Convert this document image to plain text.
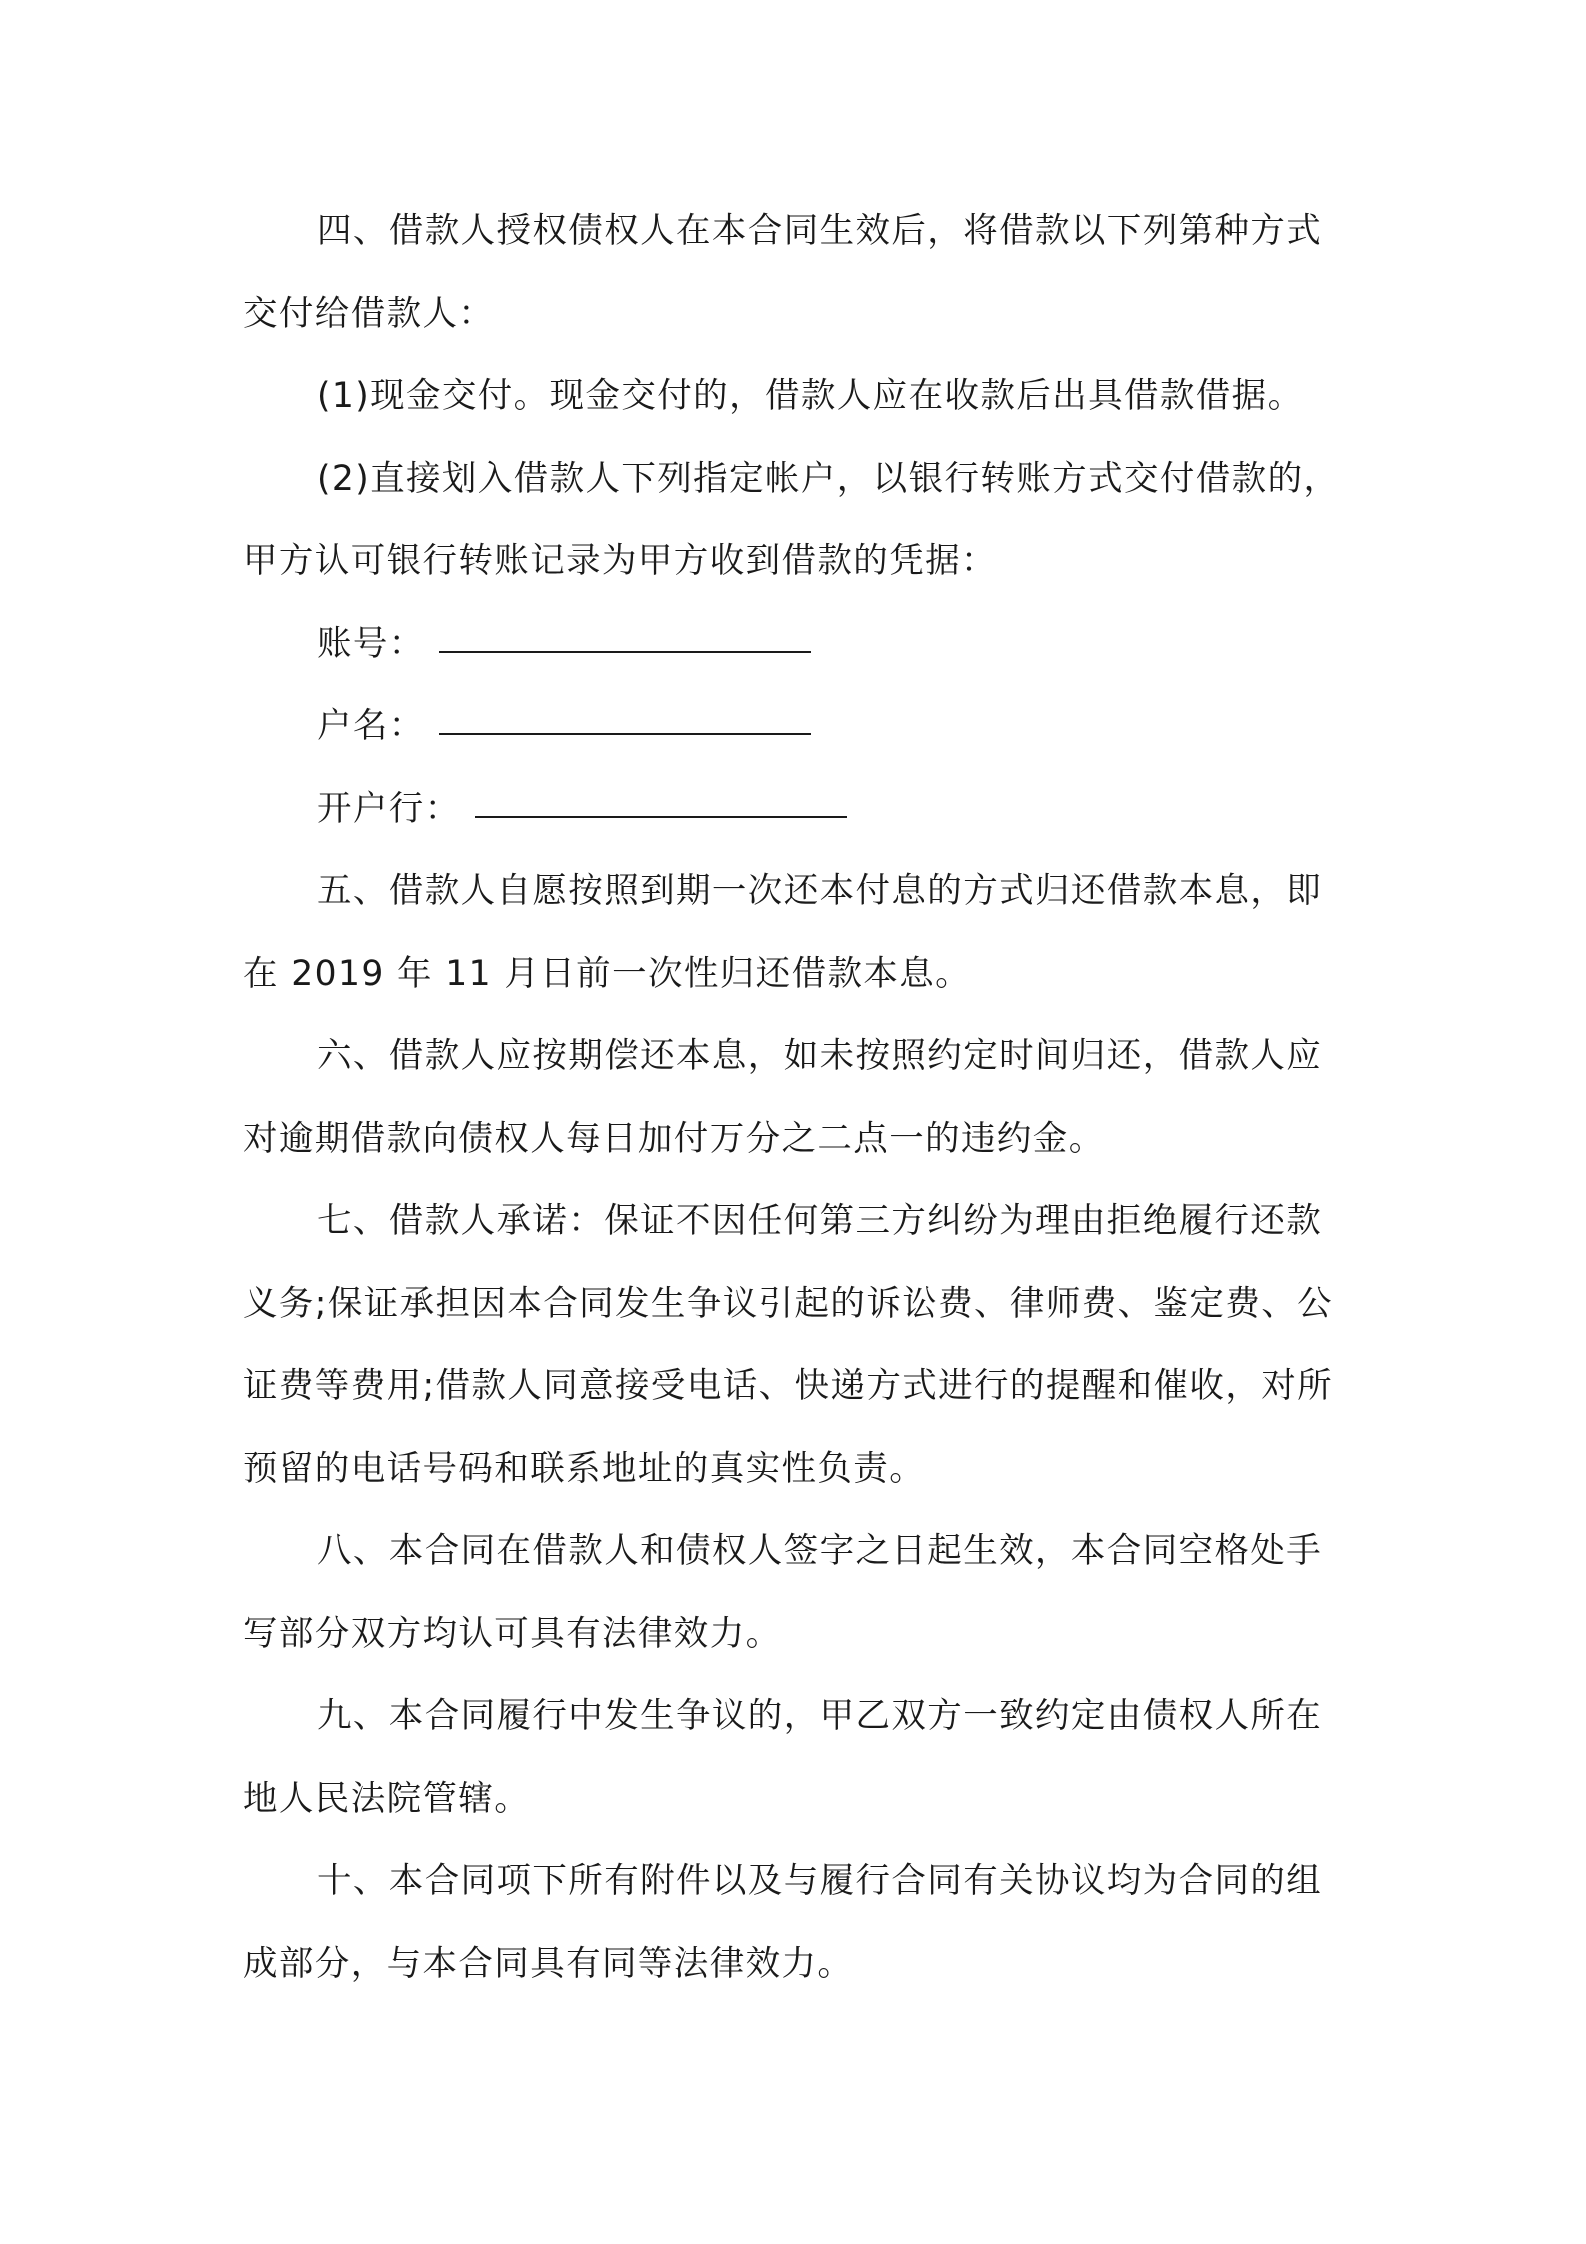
四、借款人授权债权人在本合同生效后，将借款以下列第种方式交付给借款人：

(1)现金交付。现金交付的，借款人应在收款后出具借款借据。

(2)直接划入借款人下列指定帐户，以银行转账方式交付借款的，甲方认可银行转账记录为甲方收到借款的凭据：

账号：
户名：
开户行：

五、借款人自愿按照到期一次还本付息的方式归还借款本息，即在 2019 年 11 月日前一次性归还借款本息。

六、借款人应按期偿还本息，如未按照约定时间归还，借款人应对逾期借款向债权人每日加付万分之二点一的违约金。

七、借款人承诺：保证不因任何第三方纠纷为理由拒绝履行还款义务;保证承担因本合同发生争议引起的诉讼费、律师费、鉴定费、公证费等费用;借款人同意接受电话、快递方式进行的提醒和催收，对所预留的电话号码和联系地址的真实性负责。

八、本合同在借款人和债权人签字之日起生效，本合同空格处手写部分双方均认可具有法律效力。

九、本合同履行中发生争议的，甲乙双方一致约定由债权人所在地人民法院管辖。

十、本合同项下所有附件以及与履行合同有关协议均为合同的组成部分，与本合同具有同等法律效力。
